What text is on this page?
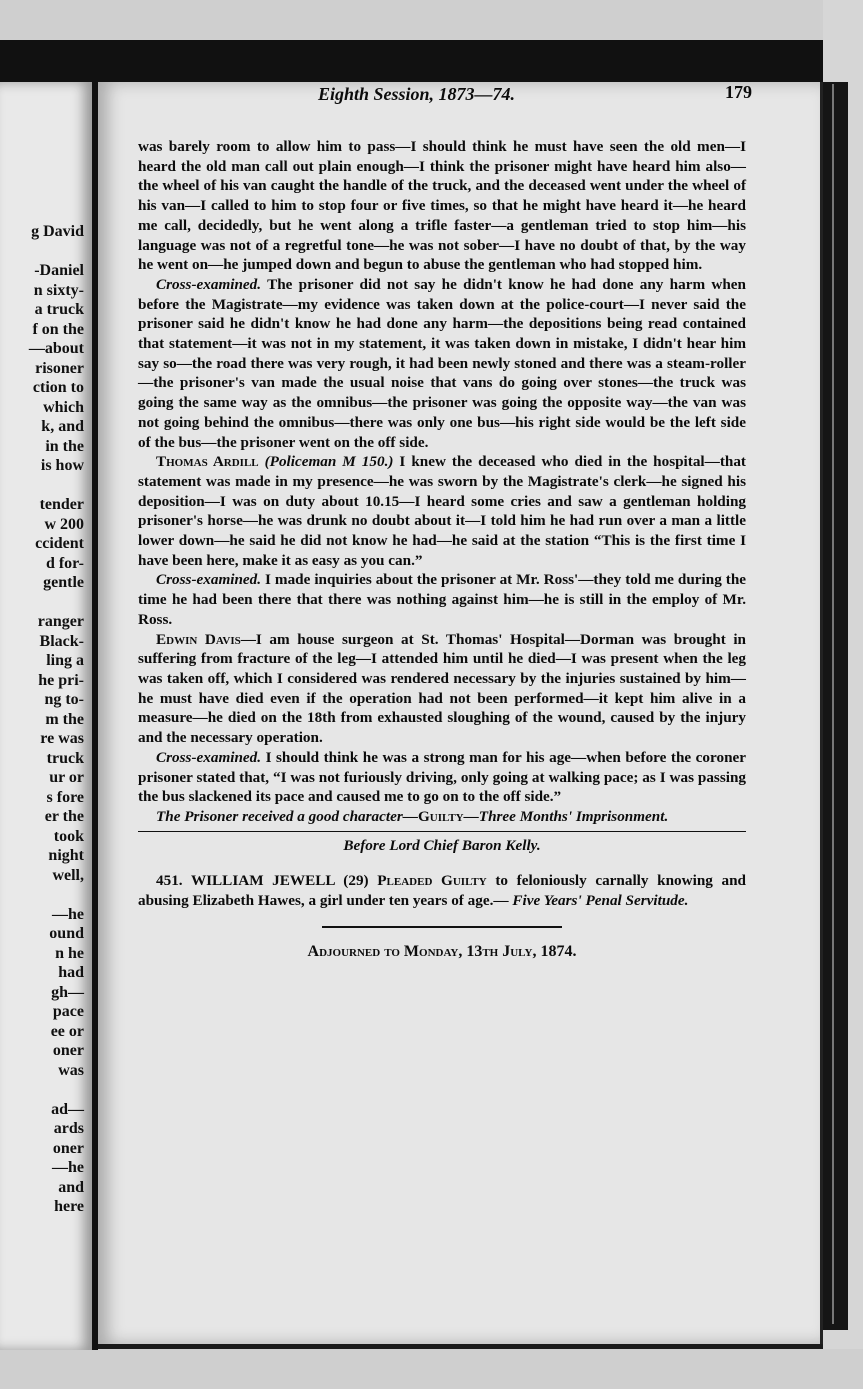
g David
-Daniel
n sixty-
a truck
f on the
—about
risoner
ction to
which
k, and
in the
is how
tender
w 200
ccident
d for-
gentle
ranger
Black-
ling a
he pri-
ng to-
m the
re was
truck
ur or
s fore
er the
took
night
well,
—he
ound
n he
had
gh—
pace
ee or
oner
was
ad—
ards
oner
—he
and
here
Eighth Session, 1873—74.	179

was barely room to allow him to pass—I should think he must have seen the old men—I heard the old man call out plain enough—I think the prisoner might have heard him also—the wheel of his van caught the handle of the truck, and the deceased went under the wheel of his van—I called to him to stop four or five times, so that he might have heard it—he heard me call, decidedly, but he went along a trifle faster—a gentleman tried to stop him—his language was not of a regretful tone—he was not sober—I have no doubt of that, by the way he went on—he jumped down and begun to abuse the gentleman who had stopped him.

Cross-examined. The prisoner did not say he didn't know he had done any harm when before the Magistrate—my evidence was taken down at the police-court—I never said the prisoner said he didn't know he had done any harm—the depositions being read contained that statement—it was not in my statement, it was taken down in mistake, I didn't hear him say so—the road there was very rough, it had been newly stoned and there was a steam-roller—the prisoner's van made the usual noise that vans do going over stones—the truck was going the same way as the omnibus—the prisoner was going the opposite way—the van was not going behind the omnibus—there was only one bus—his right side would be the left side of the bus—the prisoner went on the off side.

Thomas Ardill (Policeman M 150.) I knew the deceased who died in the hospital—that statement was made in my presence—he was sworn by the Magistrate's clerk—he signed his deposition—I was on duty about 10.15—I heard some cries and saw a gentleman holding prisoner's horse—he was drunk no doubt about it—I told him he had run over a man a little lower down—he said he did not know he had—he said at the station “This is the first time I have been here, make it as easy as you can.”

Cross-examined. I made inquiries about the prisoner at Mr. Ross'—they told me during the time he had been there that there was nothing against him—he is still in the employ of Mr. Ross.

Edwin Davis—I am house surgeon at St. Thomas' Hospital—Dorman was brought in suffering from fracture of the leg—I attended him until he died—I was present when the leg was taken off, which I considered was rendered necessary by the injuries sustained by him—he must have died even if the operation had not been performed—it kept him alive in a measure—he died on the 18th from exhausted sloughing of the wound, caused by the injury and the necessary operation.

Cross-examined. I should think he was a strong man for his age—when before the coroner prisoner stated that, “I was not furiously driving, only going at walking pace; as I was passing the bus slackened its pace and caused me to go on to the off side.”

The Prisoner received a good character—Guilty—Three Months' Imprisonment.

Before Lord Chief Baron Kelly.

451. WILLIAM JEWELL (29) Pleaded Guilty to feloniously carnally knowing and abusing Elizabeth Hawes, a girl under ten years of age.— Five Years' Penal Servitude.

Adjourned to Monday, 13th July, 1874.
